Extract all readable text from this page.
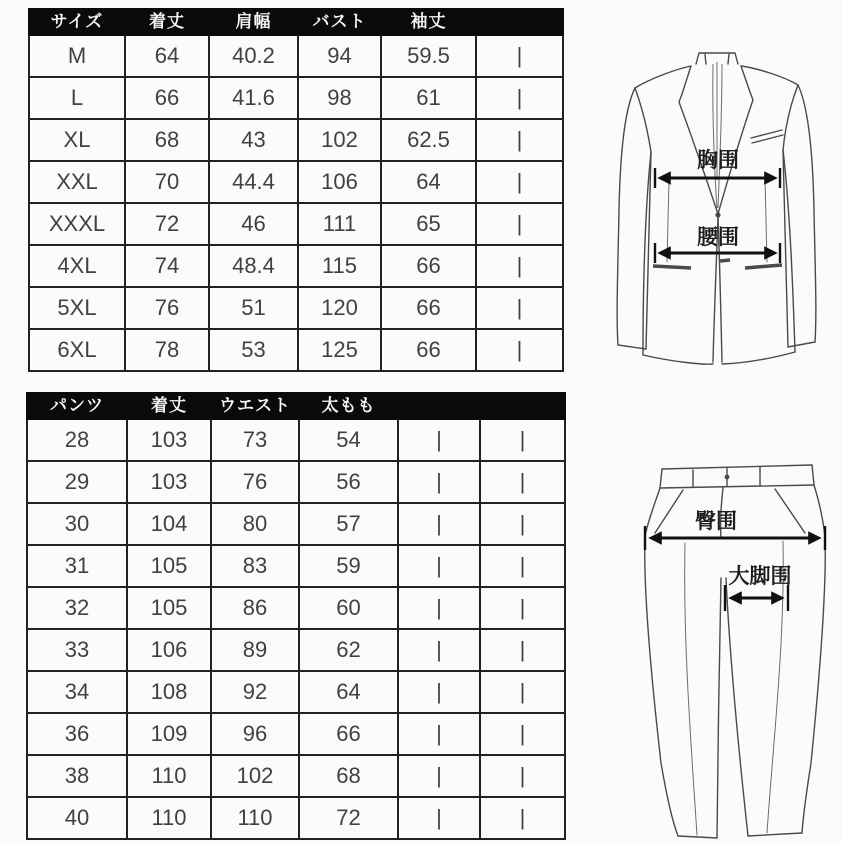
サイズ	着丈	肩幅	バスト	袖丈	
M	64	40.2	94	59.5	|
L	66	41.6	98	61	|
XL	68	43	102	62.5	|
XXL	70	44.4	106	64	|
XXXL	72	46	111	65	|
4XL	74	48.4	115	66	|
5XL	76	51	120	66	|
6XL	78	53	125	66	|
パンツ	着丈	ウエスト	太もも		
28	103	73	54	|	|
29	103	76	56	|	|
30	104	80	57	|	|
31	105	83	59	|	|
32	105	86	60	|	|
33	106	89	62	|	|
34	108	92	64	|	|
36	109	96	66	|	|
38	110	102	68	|	|
40	110	110	72	|	|
胸围
腰围
臀围
大脚围
